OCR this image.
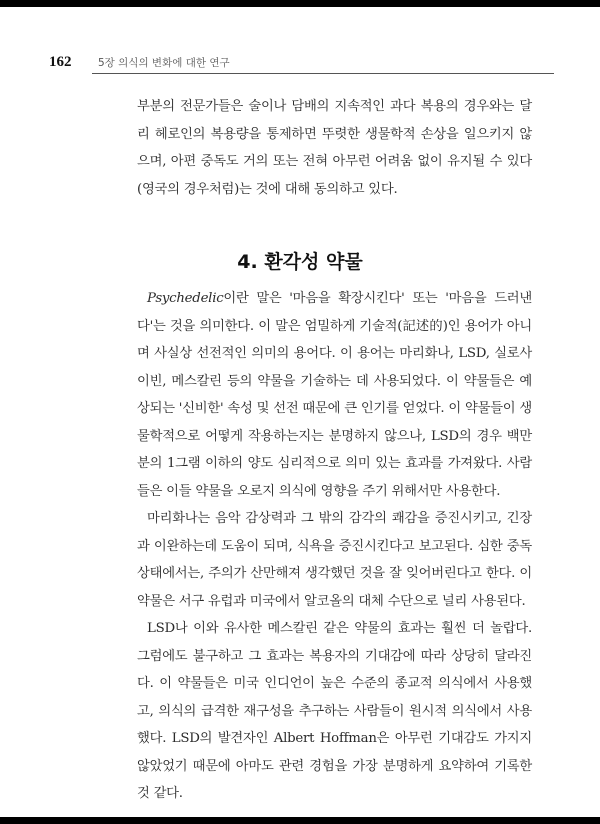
162	5장 의식의 변화에 대한 연구

부분의 전문가들은 술이나 담배의 지속적인 과다 복용의 경우와는 달리 헤로인의 복용량을 통제하면 뚜렷한 생물학적 손상을 일으키지 않으며, 아편 중독도 거의 또는 전혀 아무런 어려움 없이 유지될 수 있다(영국의 경우처럼)는 것에 대해 동의하고 있다.

4. 환각성 약물

Psychedelic이란 말은 '마음을 확장시킨다' 또는 '마음을 드러낸다'는 것을 의미한다. 이 말은 엄밀하게 기술적(記述的)인 용어가 아니며 사실상 선전적인 의미의 용어다. 이 용어는 마리화나, LSD, 실로사이빈, 메스칼린 등의 약물을 기술하는 데 사용되었다. 이 약물들은 예상되는 '신비한' 속성 및 선전 때문에 큰 인기를 얻었다. 이 약물들이 생물학적으로 어떻게 작용하는지는 분명하지 않으나, LSD의 경우 백만분의 1그램 이하의 양도 심리적으로 의미 있는 효과를 가져왔다. 사람들은 이들 약물을 오로지 의식에 영향을 주기 위해서만 사용한다.

마리화나는 음악 감상력과 그 밖의 감각의 쾌감을 증진시키고, 긴장과 이완하는데 도움이 되며, 식욕을 증진시킨다고 보고된다. 심한 중독 상태에서는, 주의가 산만해져 생각했던 것을 잘 잊어버린다고 한다. 이 약물은 서구 유럽과 미국에서 알코올의 대체 수단으로 널리 사용된다.

LSD나 이와 유사한 메스칼린 같은 약물의 효과는 훨씬 더 놀랍다. 그럼에도 불구하고 그 효과는 복용자의 기대감에 따라 상당히 달라진다. 이 약물들은 미국 인디언이 높은 수준의 종교적 의식에서 사용했고, 의식의 급격한 재구성을 추구하는 사람들이 원시적 의식에서 사용했다. LSD의 발견자인 Albert Hoffman은 아무런 기대감도 가지지 않았었기 때문에 아마도 관련 경험을 가장 분명하게 요약하여 기록한 것 같다.
